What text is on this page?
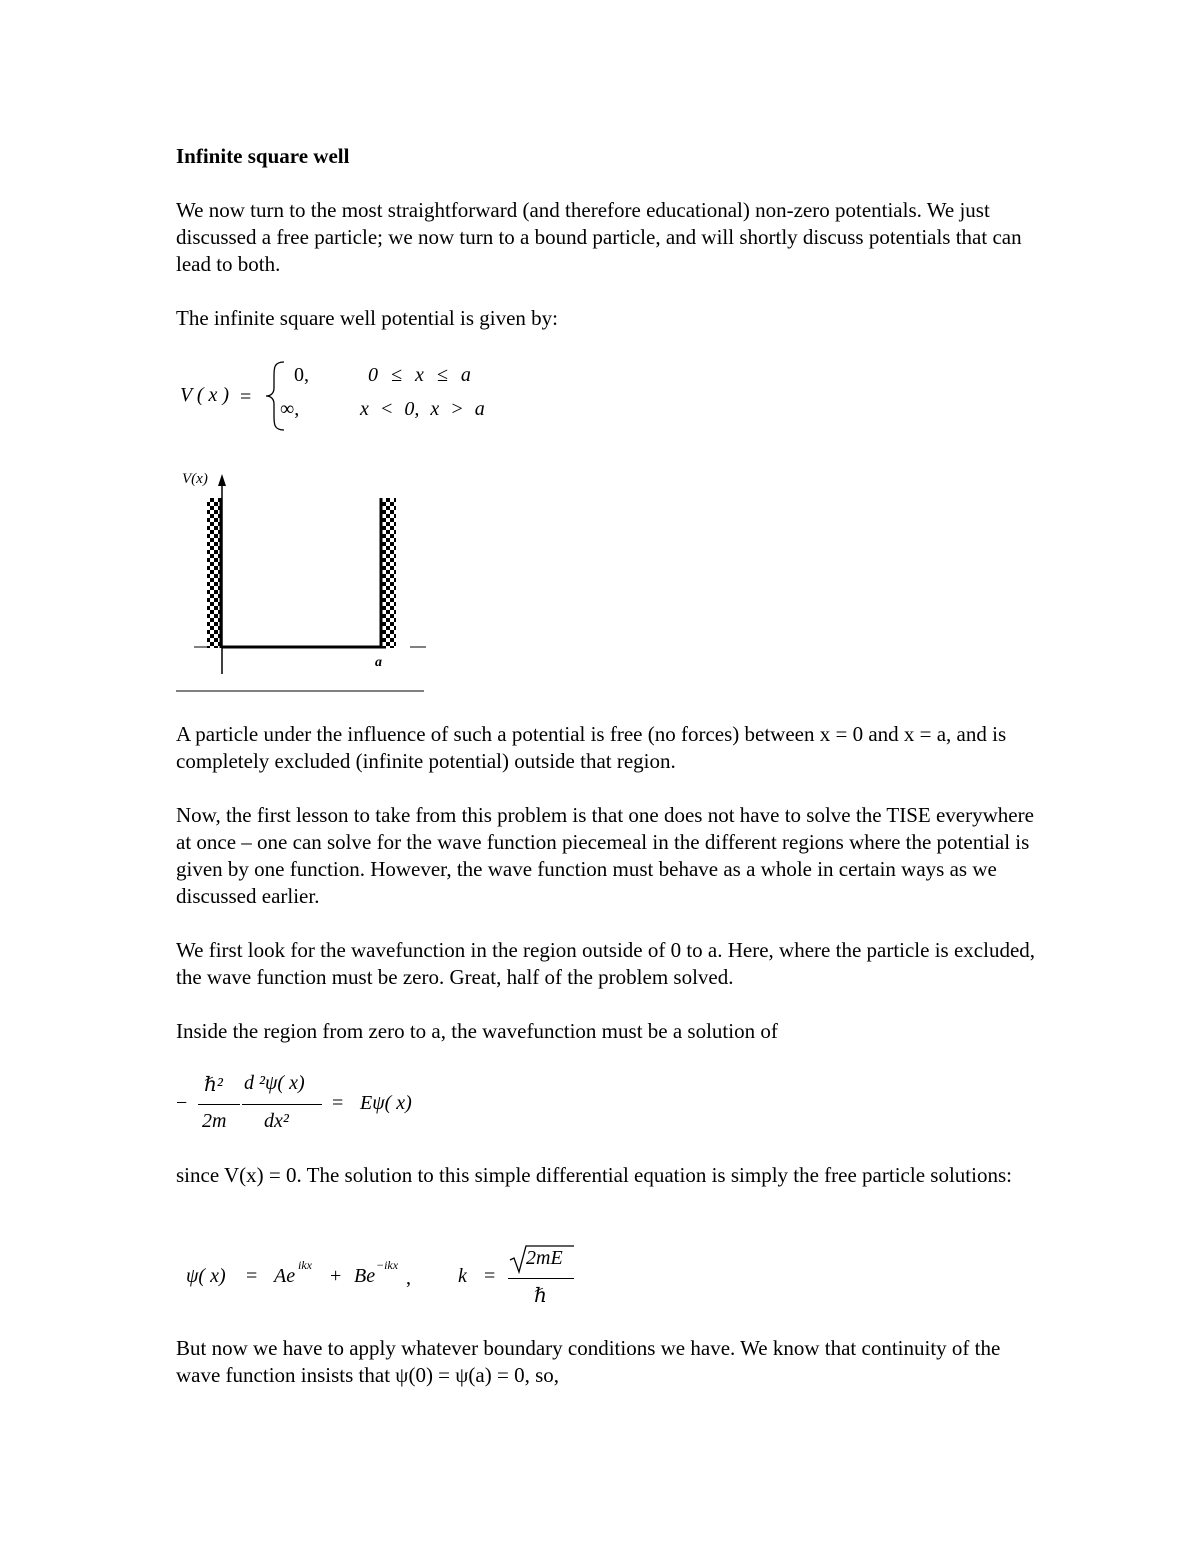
Infinite square well

We now turn to the most straightforward (and therefore educational) non-zero potentials. We just discussed a free particle; we now turn to a bound particle, and will shortly discuss potentials that can lead to both.

The infinite square well potential is given by:

V ( x ) =
0,	0 ≤ x ≤ a
∞,	x < 0, x > a
V(x)
a

A particle under the influence of such a potential is free (no forces) between x = 0 and x = a, and is completely excluded (infinite potential) outside that region.

Now, the first lesson to take from this problem is that one does not have to solve the TISE everywhere at once – one can solve for the wave function piecemeal in the different regions where the potential is given by one function. However, the wave function must behave as a whole in certain ways as we discussed earlier.

We first look for the wavefunction in the region outside of 0 to a. Here, where the particle is excluded, the wave function must be zero. Great, half of the problem solved.

Inside the region from zero to a, the wavefunction must be a solution of

−
ℏ²
2m
d ²ψ( x)
dx²
= Eψ( x)

since V(x) = 0. The solution to this simple differential equation is simply the free particle solutions:

ψ( x) = Ae ikx + Be −ikx
, k =
2mE
ℏ

But now we have to apply whatever boundary conditions we have. We know that continuity of the wave function insists that ψ(0) = ψ(a) = 0, so,
